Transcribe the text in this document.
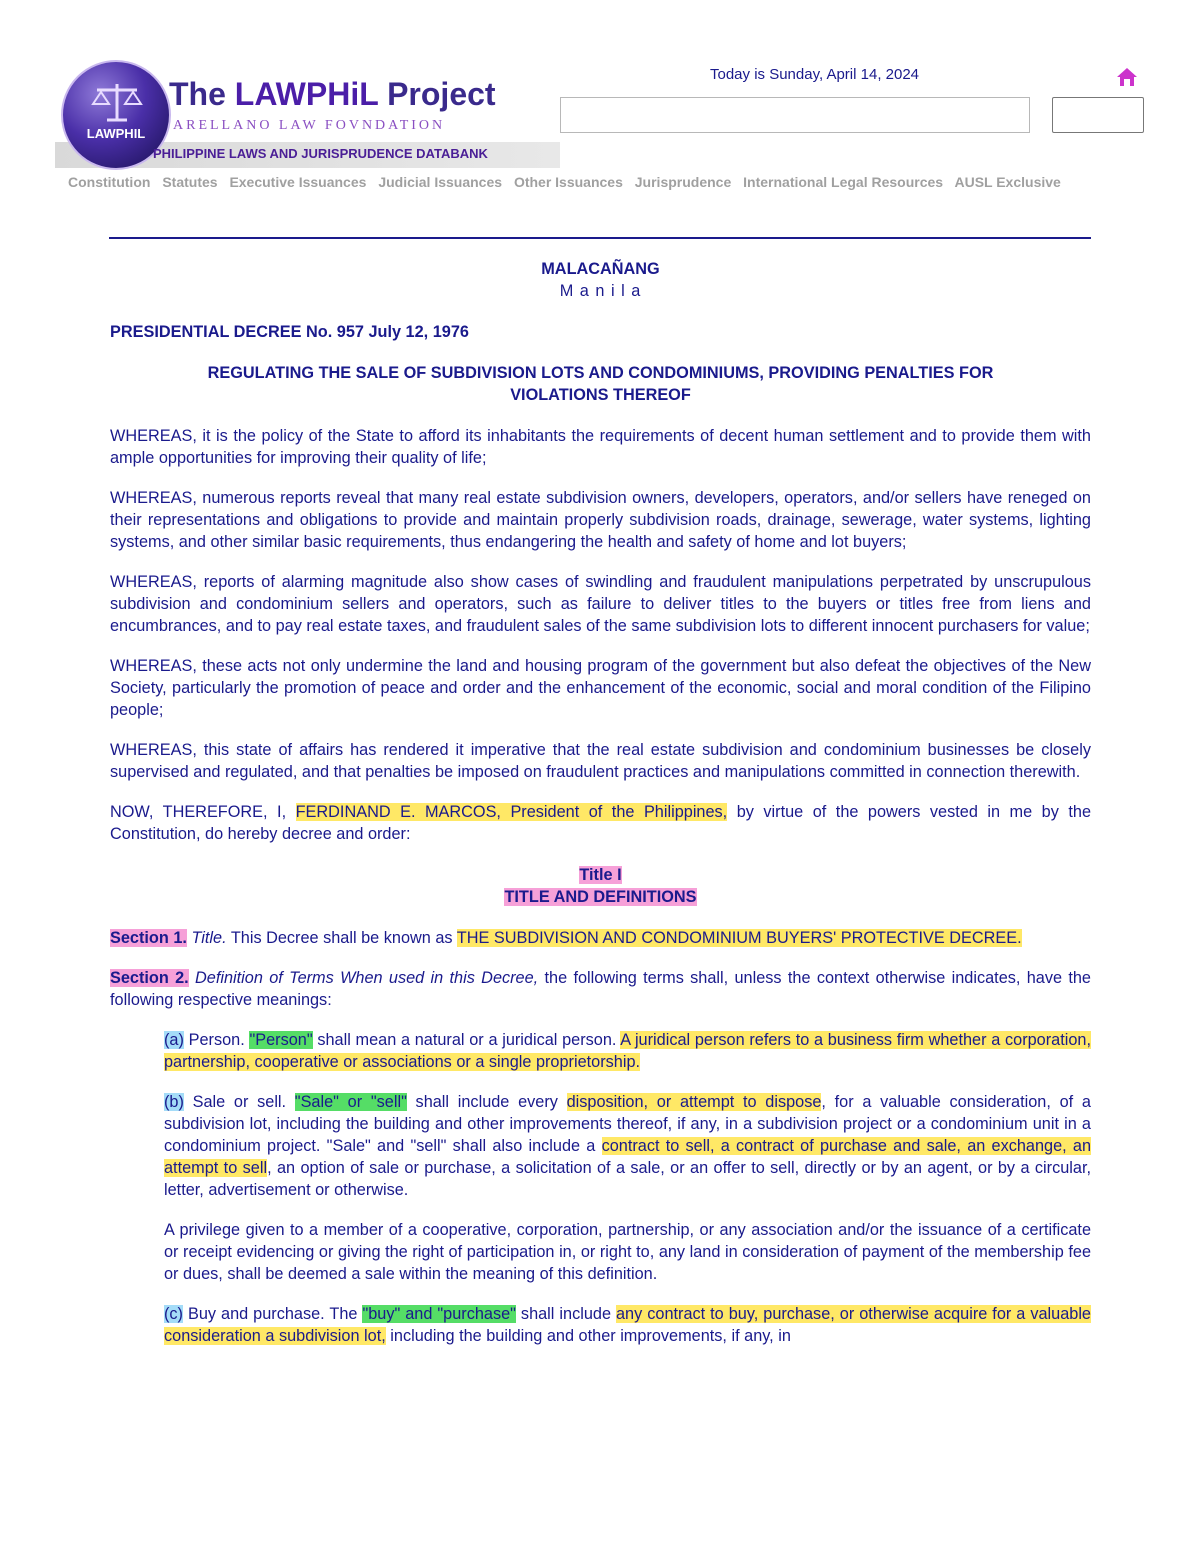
LAWPHIL
The LAWPHiL Project
ARELLANO LAW FOVNDATION
PHILIPPINE LAWS AND JURISPRUDENCE DATABANK
Today is Sunday, April 14, 2024
Constitution Statutes Executive Issuances Judicial Issuances Other Issuances Jurisprudence International Legal Resources AUSL Exclusive
MALACAÑANG
M a n i l a
PRESIDENTIAL DECREE No. 957 July 12, 1976
REGULATING THE SALE OF SUBDIVISION LOTS AND CONDOMINIUMS, PROVIDING PENALTIES FOR
VIOLATIONS THEREOF

WHEREAS, it is the policy of the State to afford its inhabitants the requirements of decent human settlement and to provide them with ample opportunities for improving their quality of life;

WHEREAS, numerous reports reveal that many real estate subdivision owners, developers, operators, and/or sellers have reneged on their representations and obligations to provide and maintain properly subdivision roads, drainage, sewerage, water systems, lighting systems, and other similar basic requirements, thus endangering the health and safety of home and lot buyers;

WHEREAS, reports of alarming magnitude also show cases of swindling and fraudulent manipulations perpetrated by unscrupulous subdivision and condominium sellers and operators, such as failure to deliver titles to the buyers or titles free from liens and encumbrances, and to pay real estate taxes, and fraudulent sales of the same subdivision lots to different innocent purchasers for value;

WHEREAS, these acts not only undermine the land and housing program of the government but also defeat the objectives of the New Society, particularly the promotion of peace and order and the enhancement of the economic, social and moral condition of the Filipino people;

WHEREAS, this state of affairs has rendered it imperative that the real estate subdivision and condominium businesses be closely supervised and regulated, and that penalties be imposed on fraudulent practices and manipulations committed in connection therewith.

NOW, THEREFORE, I, FERDINAND E. MARCOS, President of the Philippines, by virtue of the powers vested in me by the Constitution, do hereby decree and order:

Title I
TITLE AND DEFINITIONS

Section 1. Title. This Decree shall be known as THE SUBDIVISION AND CONDOMINIUM BUYERS' PROTECTIVE DECREE.

Section 2. Definition of Terms When used in this Decree, the following terms shall, unless the context otherwise indicates, have the following respective meanings:

(a) Person. "Person" shall mean a natural or a juridical person. A juridical person refers to a business firm whether a corporation, partnership, cooperative or associations or a single proprietorship.

(b) Sale or sell. "Sale" or "sell" shall include every disposition, or attempt to dispose, for a valuable consideration, of a subdivision lot, including the building and other improvements thereof, if any, in a subdivision project or a condominium unit in a condominium project. "Sale" and "sell" shall also include a contract to sell, a contract of purchase and sale, an exchange, an attempt to sell, an option of sale or purchase, a solicitation of a sale, or an offer to sell, directly or by an agent, or by a circular, letter, advertisement or otherwise.

A privilege given to a member of a cooperative, corporation, partnership, or any association and/or the issuance of a certificate or receipt evidencing or giving the right of participation in, or right to, any land in consideration of payment of the membership fee or dues, shall be deemed a sale within the meaning of this definition.

(c) Buy and purchase. The "buy" and "purchase" shall include any contract to buy, purchase, or otherwise acquire for a valuable consideration a subdivision lot, including the building and other improvements, if any, in
